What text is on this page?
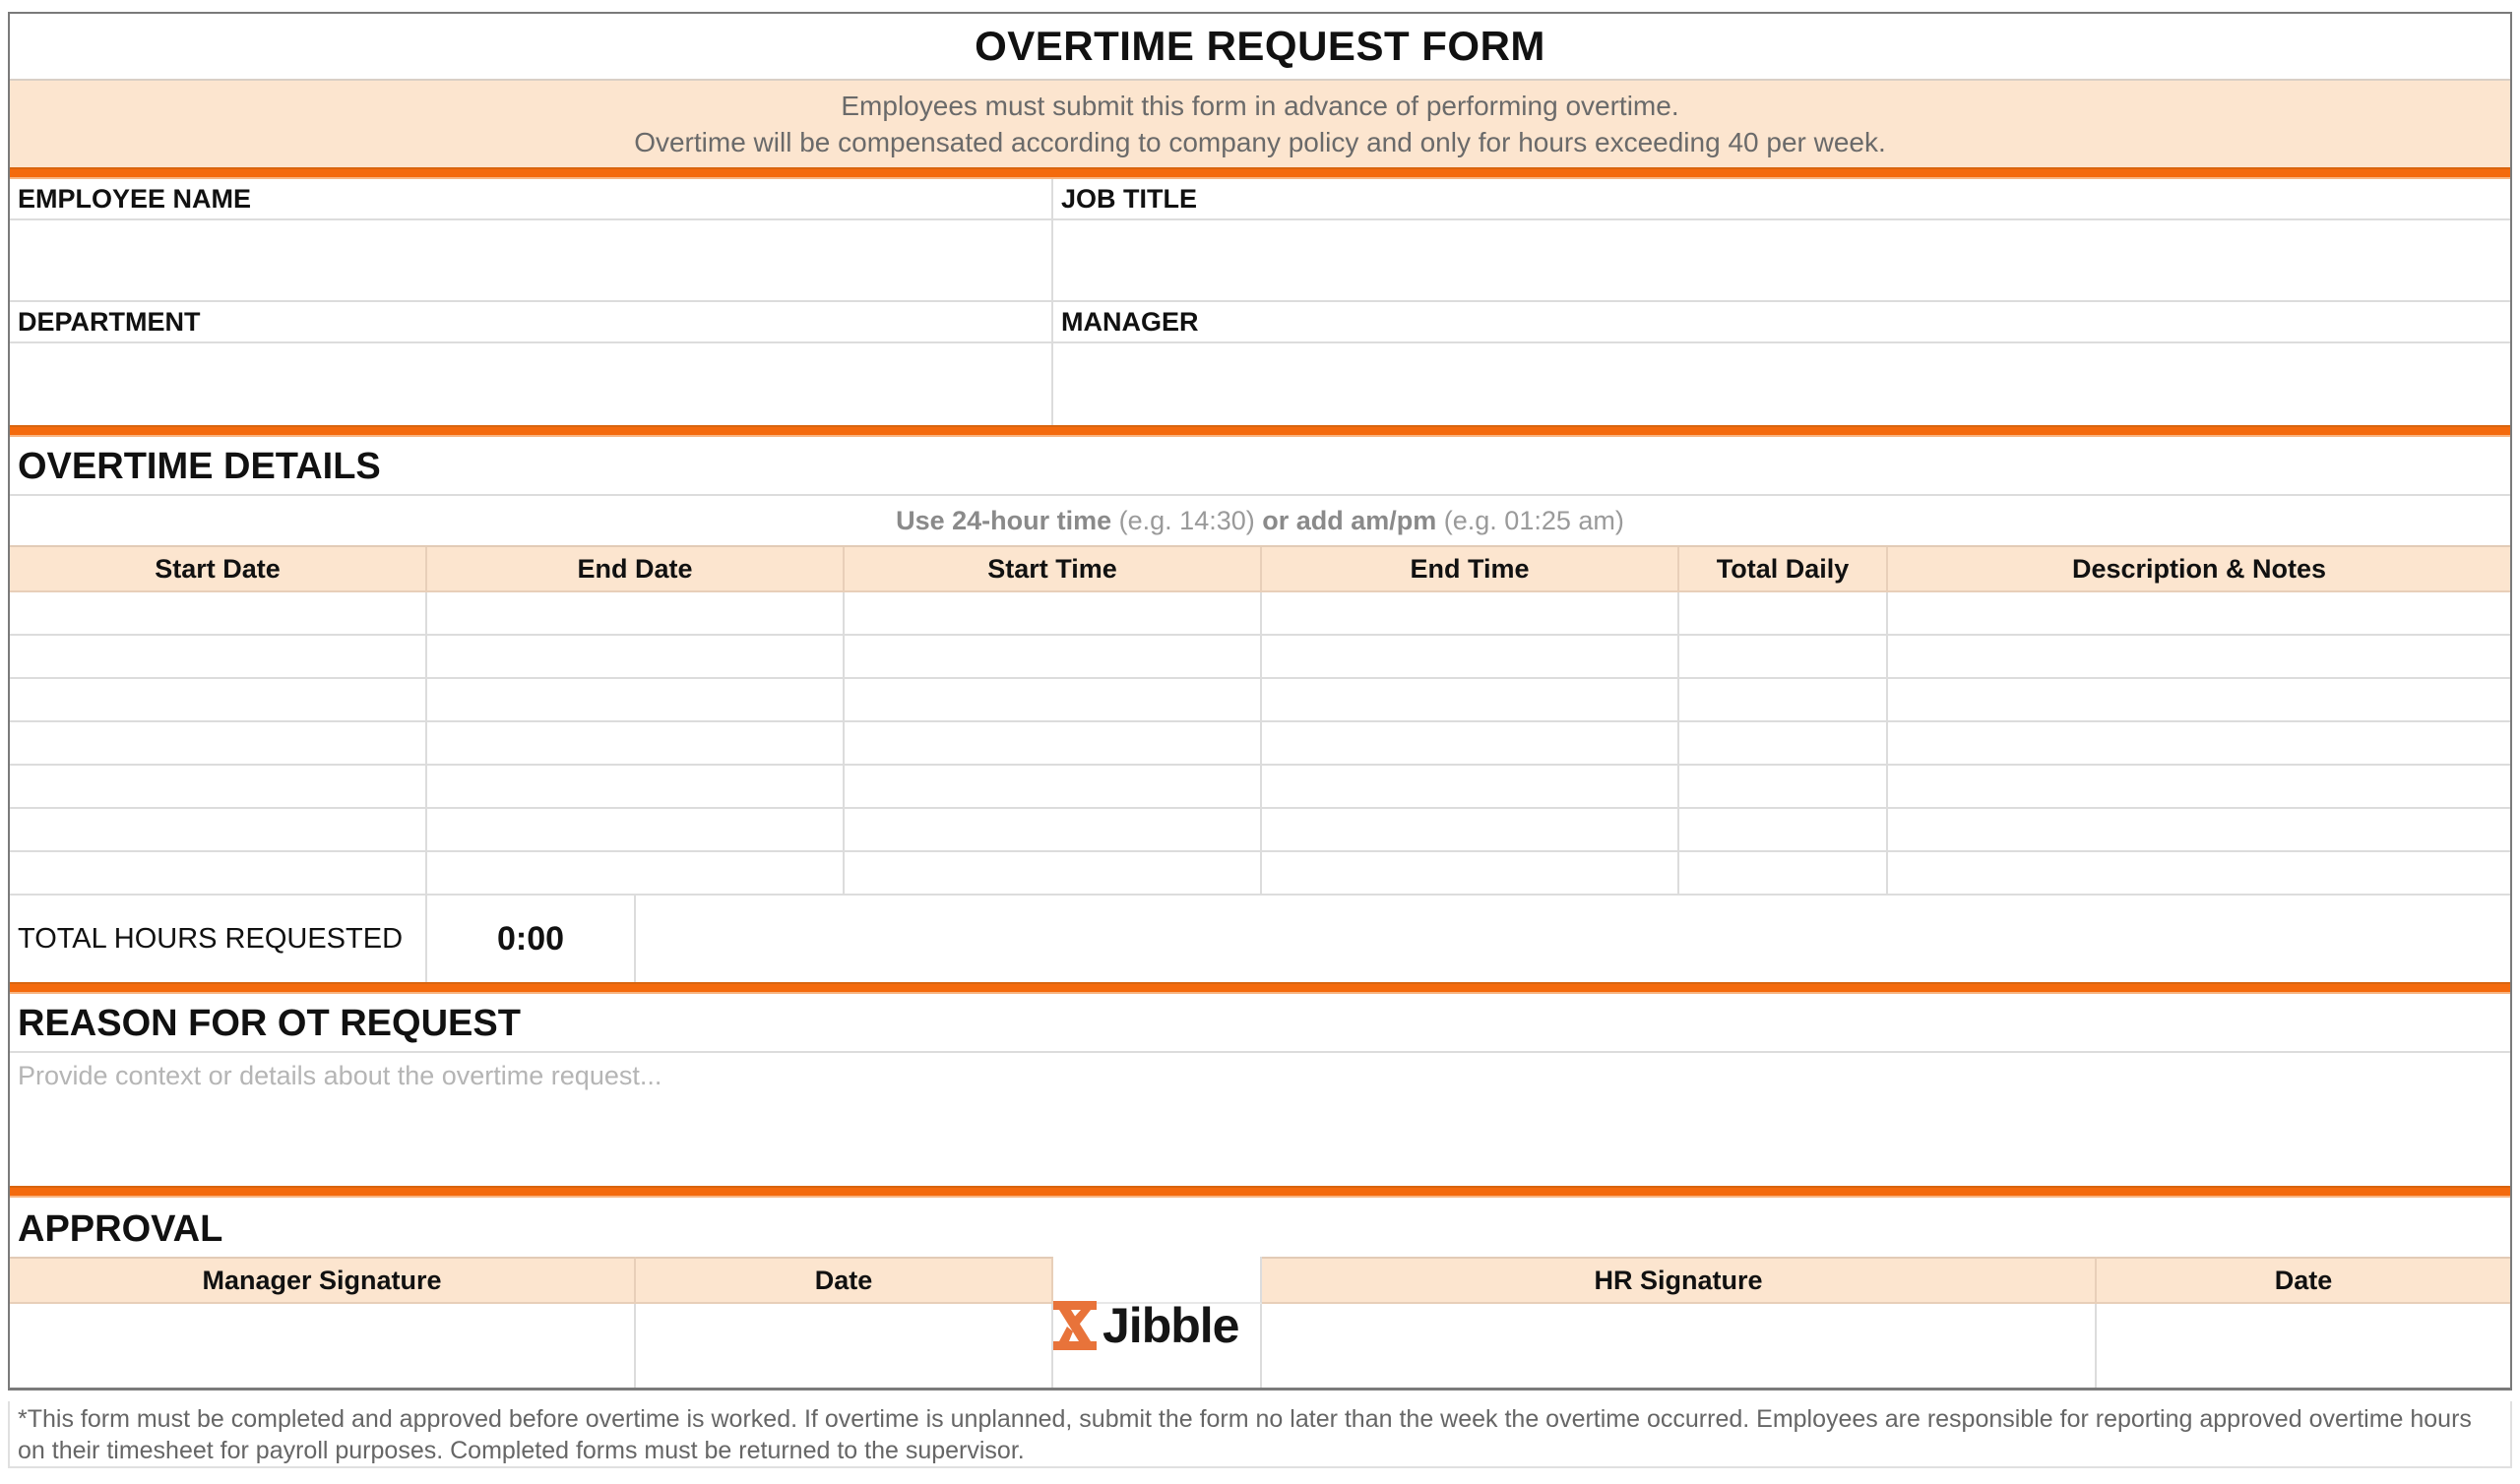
OVERTIME REQUEST FORM
Employees must submit this form in advance of performing overtime.
Overtime will be compensated according to company policy and only for hours exceeding 40 per week.
EMPLOYEE NAME	JOB TITLE
DEPARTMENT	MANAGER
OVERTIME DETAILS
Use 24-hour time (e.g. 14:30) or add am/pm (e.g. 01:25 am)
Start Date	End Date	Start Time	End Time	Total Daily	Description & Notes
TOTAL HOURS REQUESTED	0:00
REASON FOR OT REQUEST
Provide context or details about the overtime request...
APPROVAL
Manager Signature	Date	HR Signature	Date
Jibble
*This form must be completed and approved before overtime is worked. If overtime is unplanned, submit the form no later than the week the overtime occurred. Employees are responsible for reporting approved overtime hours on their timesheet for payroll purposes. Completed forms must be returned to the supervisor.
